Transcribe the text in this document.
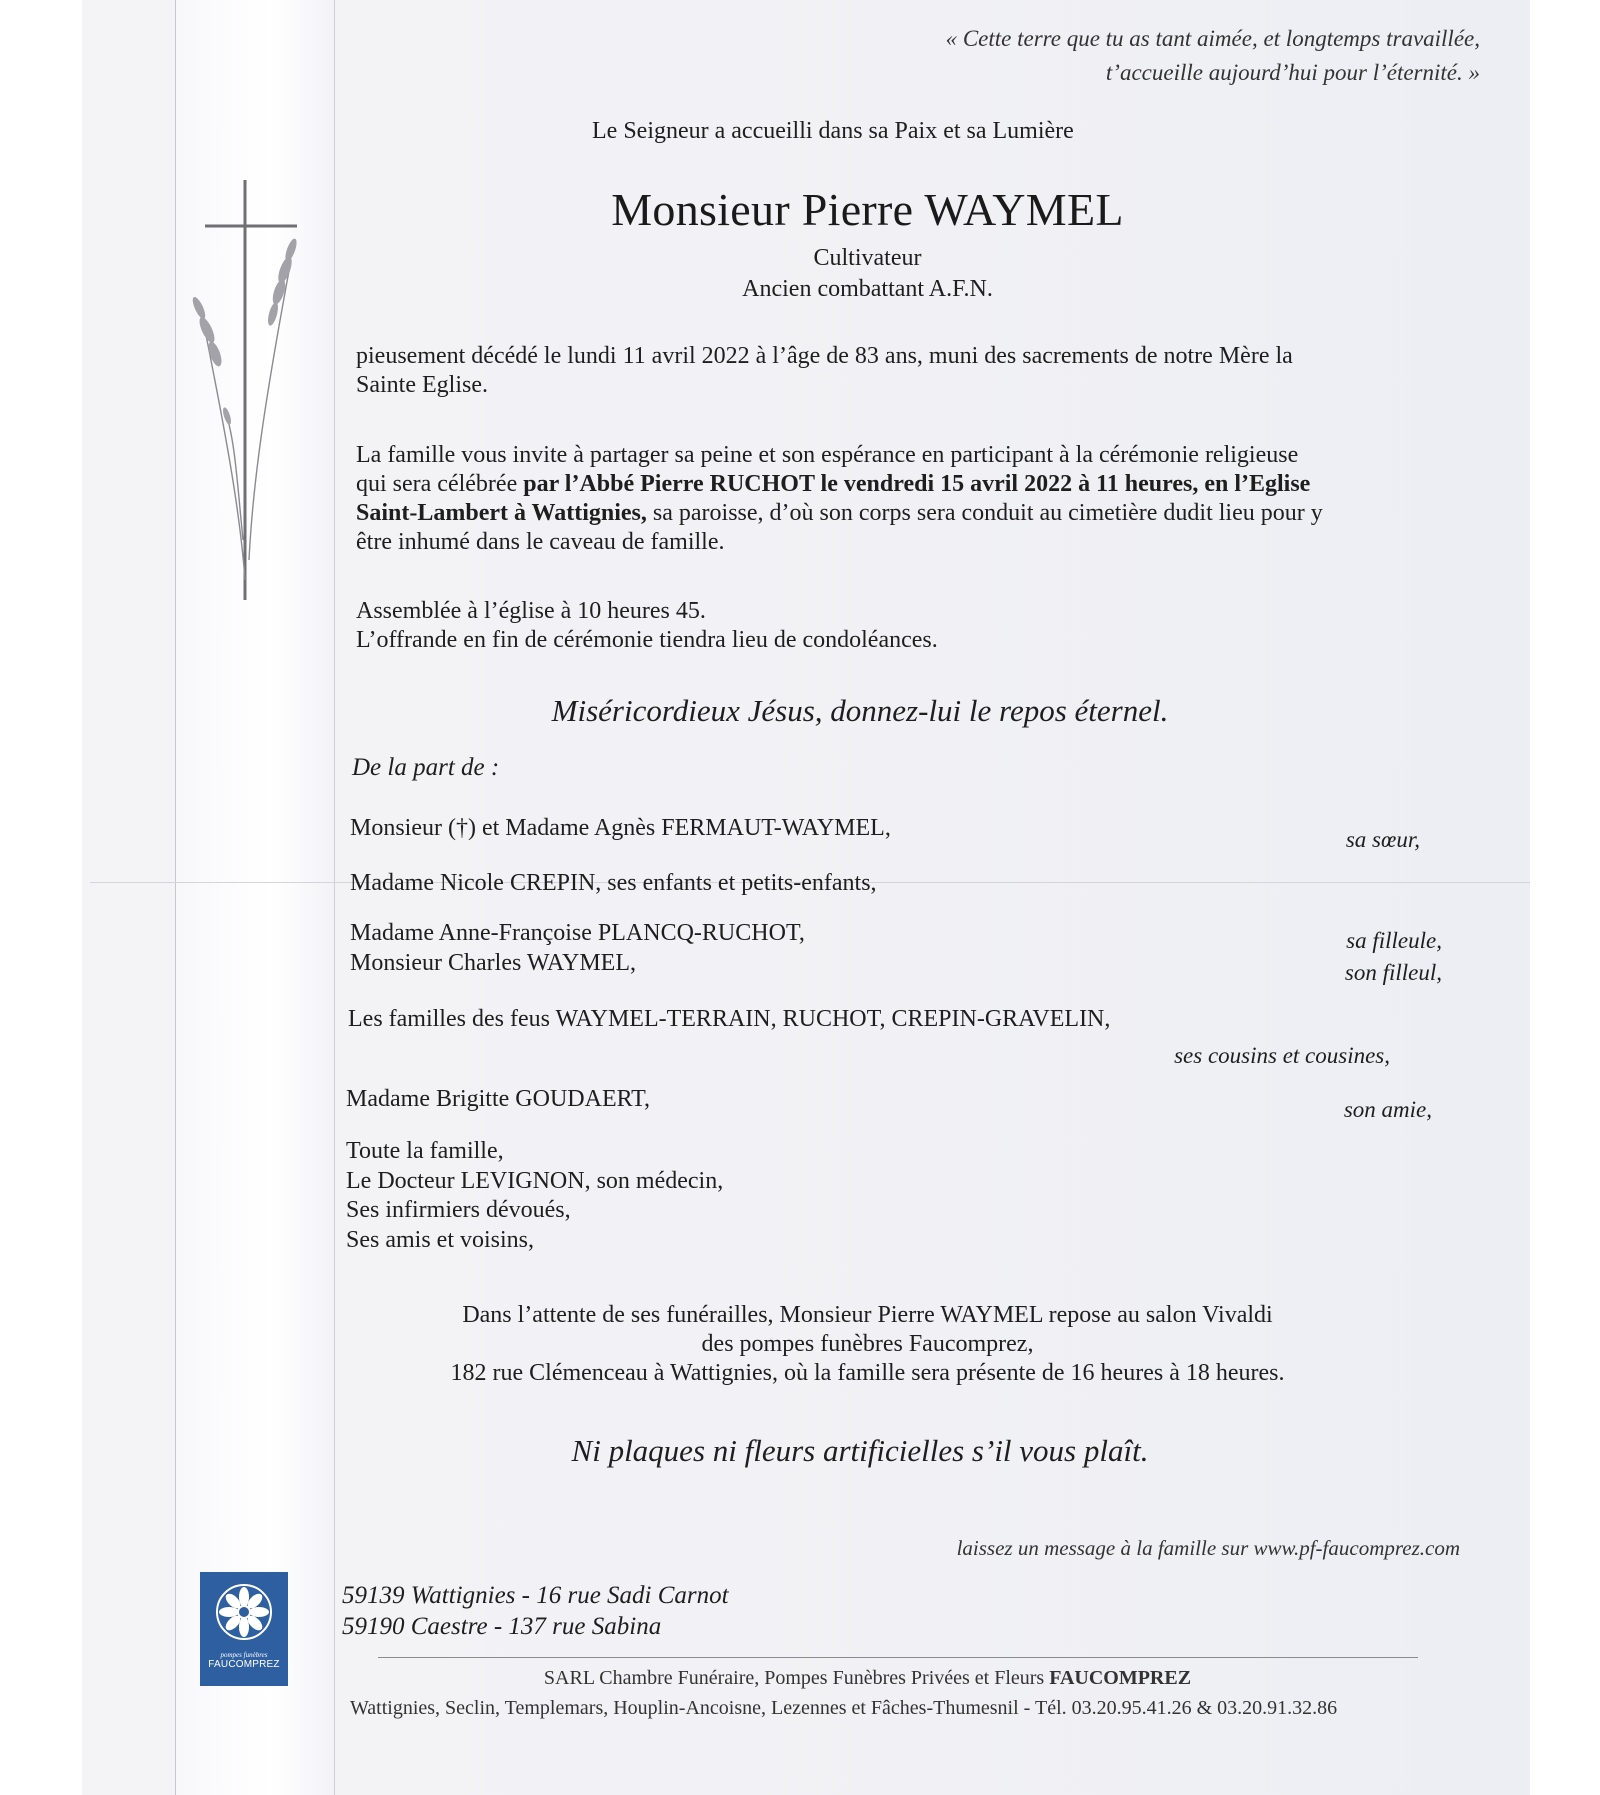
« Cette terre que tu as tant aimée, et longtemps travaillée,
t’accueille aujourd’hui pour l’éternité. »
Le Seigneur a accueilli dans sa Paix et sa Lumière
Monsieur Pierre WAYMEL
Cultivateur
Ancien combattant A.F.N.
pieusement décédé le lundi 11 avril 2022 à l’âge de 83 ans, muni des sacrements de notre Mère la
Sainte Eglise.
La famille vous invite à partager sa peine et son espérance en participant à la cérémonie religieuse
qui sera célébrée par l’Abbé Pierre RUCHOT le vendredi 15 avril 2022 à 11 heures, en l’Eglise
Saint-Lambert à Wattignies, sa paroisse, d’où son corps sera conduit au cimetière dudit lieu pour y
être inhumé dans le caveau de famille.
Assemblée à l’église à 10 heures 45.
L’offrande en fin de cérémonie tiendra lieu de condoléances.
Miséricordieux Jésus, donnez-lui le repos éternel.
De la part de :
Monsieur (†) et Madame Agnès FERMAUT-WAYMEL,	sa sœur,
Madame Nicole CREPIN, ses enfants et petits-enfants,
Madame Anne-Françoise PLANCQ-RUCHOT,	sa filleule,
Monsieur Charles WAYMEL,	son filleul,
Les familles des feus WAYMEL-TERRAIN, RUCHOT, CREPIN-GRAVELIN,
ses cousins et cousines,
Madame Brigitte GOUDAERT,	son amie,
Toute la famille,
Le Docteur LEVIGNON, son médecin,
Ses infirmiers dévoués,
Ses amis et voisins,
Dans l’attente de ses funérailles, Monsieur Pierre WAYMEL repose au salon Vivaldi
des pompes funèbres Faucomprez,
182 rue Clémenceau à Wattignies, où la famille sera présente de 16 heures à 18 heures.
Ni plaques ni fleurs artificielles s’il vous plaît.
laissez un message à la famille sur www.pf-faucomprez.com
59139 Wattignies - 16 rue Sadi Carnot
59190 Caestre - 137 rue Sabina
pompes funèbres
FAUCOMPREZ
SARL Chambre Funéraire, Pompes Funèbres Privées et Fleurs FAUCOMPREZ
Wattignies, Seclin, Templemars, Houplin-Ancoisne, Lezennes et Fâches-Thumesnil - Tél. 03.20.95.41.26 & 03.20.91.32.86
